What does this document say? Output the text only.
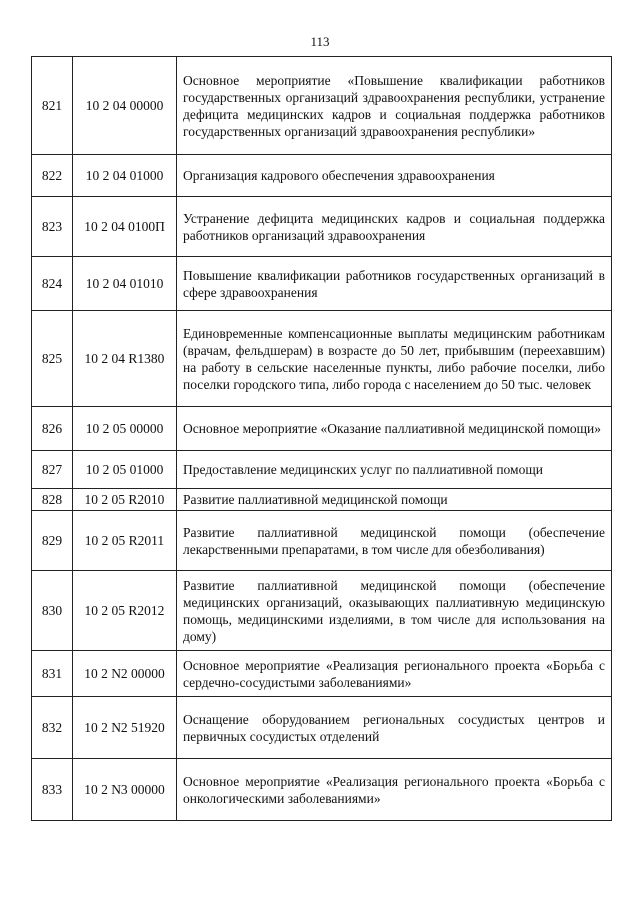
113
821	10 2 04 00000	Основное мероприятие «Повышение квалификации работников государственных организаций здравоохранения республики, устранение дефицита медицинских кадров и социальная поддержка работников государственных организаций здравоохранения республики»

822	10 2 04 01000	Организация кадрового обеспечения здравоохранения

823	10 2 04 0100П	Устранение дефицита медицинских кадров и социальная поддержка работников организаций здравоохранения

824	10 2 04 01010	Повышение квалификации работников государственных организаций в сфере здравоохранения

825	10 2 04 R1380	Единовременные компенсационные выплаты медицинским работникам (врачам, фельдшерам) в возрасте до 50 лет, прибывшим (переехавшим) на работу в сельские населенные пункты, либо рабочие поселки, либо поселки городского типа, либо города с населением до 50 тыс. человек

826	10 2 05 00000	Основное мероприятие «Оказание паллиативной медицинской помощи»

827	10 2 05 01000	Предоставление медицинских услуг по паллиативной помощи

828	10 2 05 R2010	Развитие паллиативной медицинской помощи

829	10 2 05 R2011	Развитие паллиативной медицинской помощи (обеспечение лекарственными препаратами, в том числе для обезболивания)

830	10 2 05 R2012	Развитие паллиативной медицинской помощи (обеспечение медицинских организаций, оказывающих паллиативную медицинскую помощь, медицинскими изделиями, в том числе для использования на дому)

831	10 2 N2 00000	Основное мероприятие «Реализация регионального проекта «Борьба с сердечно-сосудистыми заболеваниями»

832	10 2 N2 51920	Оснащение оборудованием региональных сосудистых центров и первичных сосудистых отделений

833	10 2 N3 00000	Основное мероприятие «Реализация регионального проекта «Борьба с онкологическими заболеваниями»
